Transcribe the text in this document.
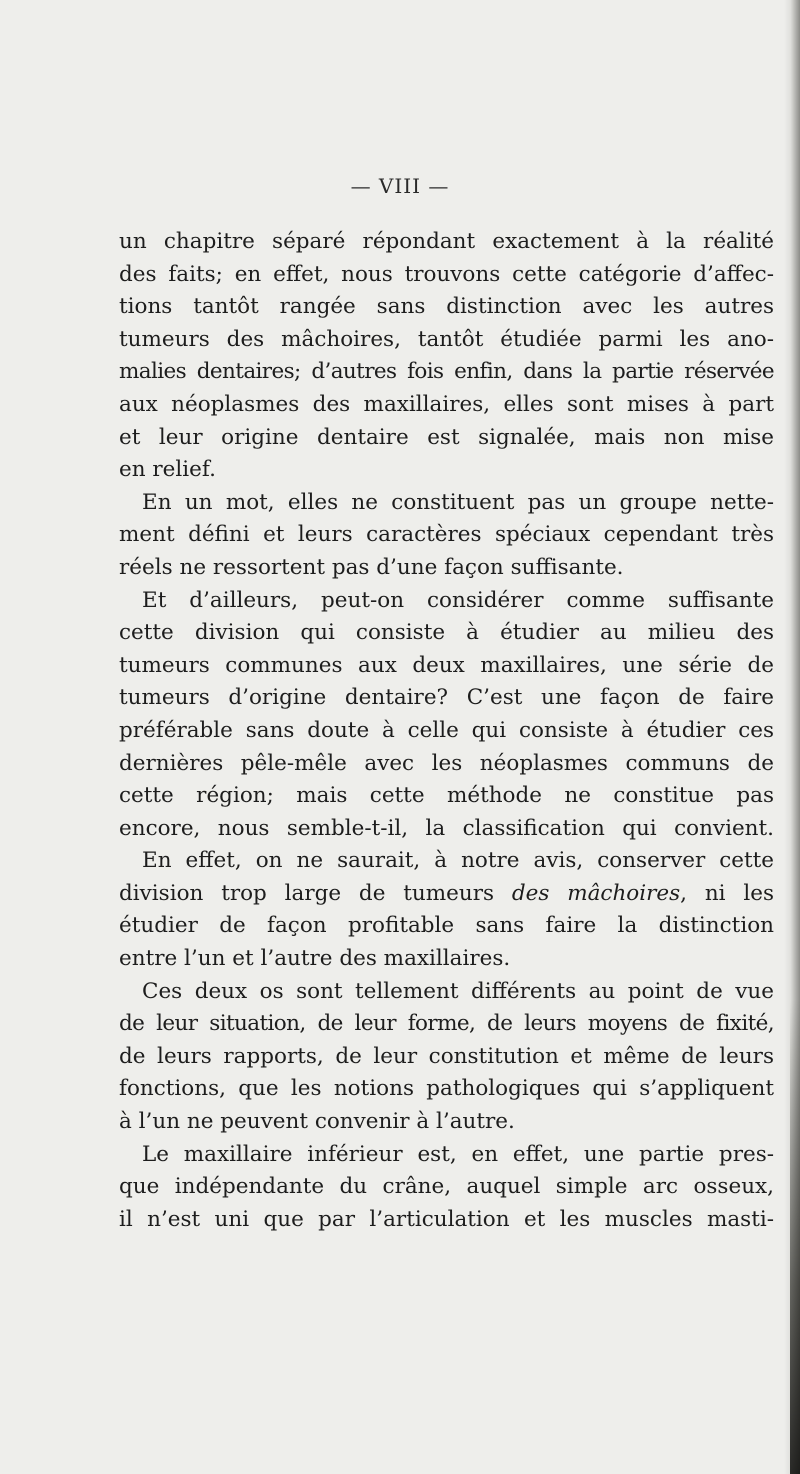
— VIII —
un chapitre séparé répondant exactement à la réalité
des faits; en effet, nous trouvons cette catégorie d’affec-
tions tantôt rangée sans distinction avec les autres
tumeurs des mâchoires, tantôt étudiée parmi les ano-
malies dentaires; d’autres fois enfin, dans la partie réservée
aux néoplasmes des maxillaires, elles sont mises à part
et leur origine dentaire est signalée, mais non mise
en relief.
En un mot, elles ne constituent pas un groupe nette-
ment défini et leurs caractères spéciaux cependant très
réels ne ressortent pas d’une façon suffisante.
Et d’ailleurs, peut-on considérer comme suffisante
cette division qui consiste à étudier au milieu des
tumeurs communes aux deux maxillaires, une série de
tumeurs d’origine dentaire? C’est une façon de faire
préférable sans doute à celle qui consiste à étudier ces
dernières pêle-mêle avec les néoplasmes communs de
cette région; mais cette méthode ne constitue pas
encore, nous semble-t-il, la classification qui convient.
En effet, on ne saurait, à notre avis, conserver cette
division trop large de tumeurs des mâchoires, ni les
étudier de façon profitable sans faire la distinction
entre l’un et l’autre des maxillaires.
Ces deux os sont tellement différents au point de vue
de leur situation, de leur forme, de leurs moyens de fixité,
de leurs rapports, de leur constitution et même de leurs
fonctions, que les notions pathologiques qui s’appliquent
à l’un ne peuvent convenir à l’autre.
Le maxillaire inférieur est, en effet, une partie pres-
que indépendante du crâne, auquel simple arc osseux,
il n’est uni que par l’articulation et les muscles masti-
